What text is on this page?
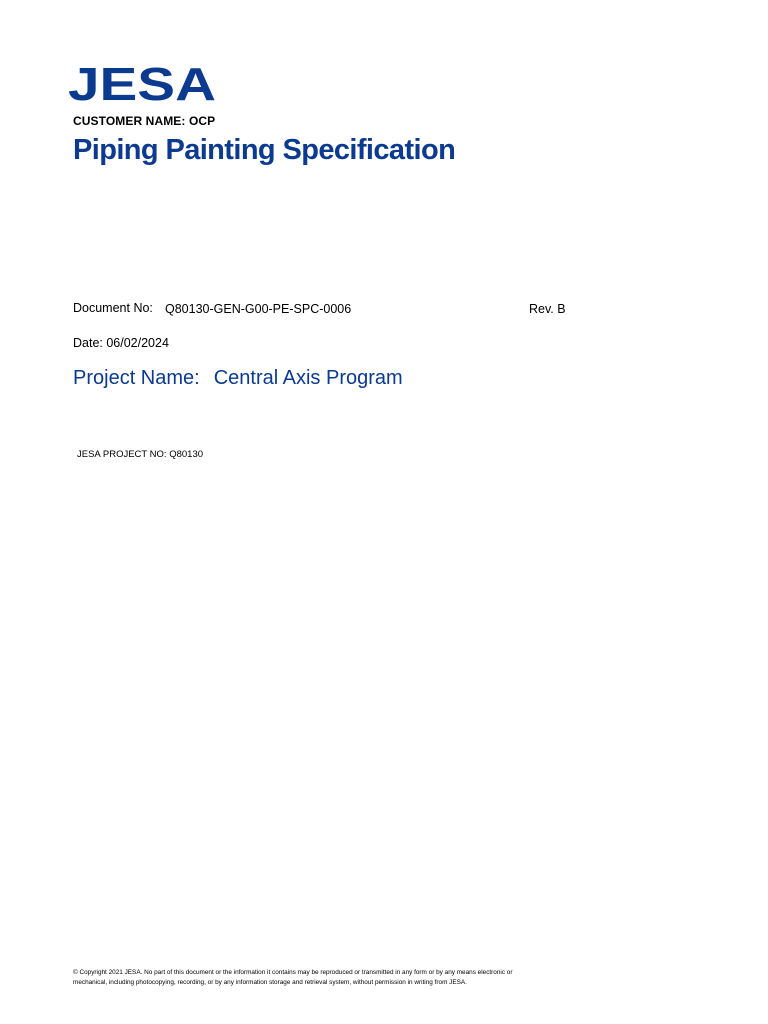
JESA
CUSTOMER NAME: OCP
Piping Painting Specification
Document No: Q80130-GEN-G00-PE-SPC-0006	Rev. B
Date: 06/02/2024
Project Name: Central Axis Program
JESA PROJECT NO: Q80130
© Copyright 2021 JESA. No part of this document or the information it contains may be reproduced or transmitted in any form or by any means electronic or
mechanical, including photocopying, recording, or by any information storage and retrieval system, without permission in writing from JESA.
